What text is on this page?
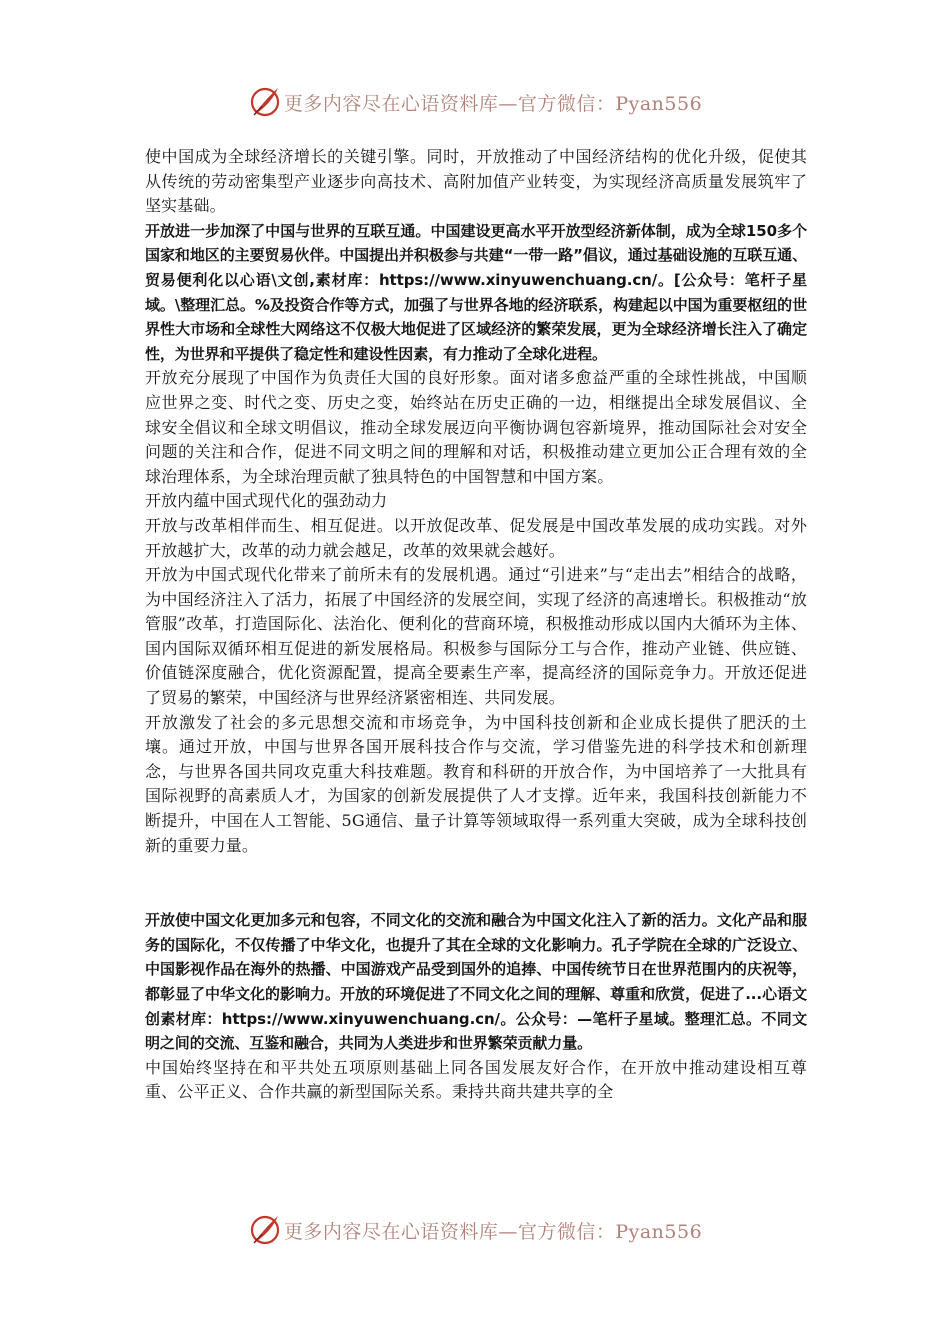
更多内容尽在心语资料库—官方微信：Pyan556

使中国成为全球经济增长的关键引擎。同时，开放推动了中国经济结构的优化升级，促使其从传统的劳动密集型产业逐步向高技术、高附加值产业转变，为实现经济高质量发展筑牢了坚实基础。

开放进一步加深了中国与世界的互联互通。中国建设更高水平开放型经济新体制，成为全球150多个国家和地区的主要贸易伙伴。中国提出并积极参与共建“一带一路”倡议，通过基础设施的互联互通、贸易便利化以心语\文创,素材库：https://www.xinyuwenchuang.cn/。[公众号：笔杆子星域。\整理汇总。%及投资合作等方式，加强了与世界各地的经济联系，构建起以中国为重要枢纽的世界性大市场和全球性大网络这不仅极大地促进了区域经济的繁荣发展，更为全球经济增长注入了确定性，为世界和平提供了稳定性和建设性因素，有力推动了全球化进程。

开放充分展现了中国作为负责任大国的良好形象。面对诸多愈益严重的全球性挑战，中国顺应世界之变、时代之变、历史之变，始终站在历史正确的一边，相继提出全球发展倡议、全球安全倡议和全球文明倡议，推动全球发展迈向平衡协调包容新境界，推动国际社会对安全问题的关注和合作，促进不同文明之间的理解和对话，积极推动建立更加公正合理有效的全球治理体系，为全球治理贡献了独具特色的中国智慧和中国方案。

开放内蕴中国式现代化的强劲动力

开放与改革相伴而生、相互促进。以开放促改革、促发展是中国改革发展的成功实践。对外开放越扩大，改革的动力就会越足，改革的效果就会越好。

开放为中国式现代化带来了前所未有的发展机遇。通过“引进来”与“走出去”相结合的战略，为中国经济注入了活力，拓展了中国经济的发展空间，实现了经济的高速增长。积极推动“放管服”改革，打造国际化、法治化、便利化的营商环境，积极推动形成以国内大循环为主体、国内国际双循环相互促进的新发展格局。积极参与国际分工与合作，推动产业链、供应链、价值链深度融合，优化资源配置，提高全要素生产率，提高经济的国际竞争力。开放还促进了贸易的繁荣，中国经济与世界经济紧密相连、共同发展。

开放激发了社会的多元思想交流和市场竞争，为中国科技创新和企业成长提供了肥沃的土壤。通过开放，中国与世界各国开展科技合作与交流，学习借鉴先进的科学技术和创新理念，与世界各国共同攻克重大科技难题。教育和科研的开放合作，为中国培养了一大批具有国际视野的高素质人才，为国家的创新发展提供了人才支撑。近年来，我国科技创新能力不断提升，中国在人工智能、5G通信、量子计算等领域取得一系列重大突破，成为全球科技创新的重要力量。

开放使中国文化更加多元和包容，不同文化的交流和融合为中国文化注入了新的活力。文化产品和服务的国际化，不仅传播了中华文化，也提升了其在全球的文化影响力。孔子学院在全球的广泛设立、中国影视作品在海外的热播、中国游戏产品受到国外的追捧、中国传统节日在世界范围内的庆祝等，都彰显了中华文化的影响力。开放的环境促进了不同文化之间的理解、尊重和欣赏，促进了...心语文创素材库：https://www.xinyuwenchuang.cn/。公众号：—笔杆子星域。整理汇总。不同文明之间的交流、互鉴和融合，共同为人类进步和世界繁荣贡献力量。

中国始终坚持在和平共处五项原则基础上同各国发展友好合作，在开放中推动建设相互尊重、公平正义、合作共赢的新型国际关系。秉持共商共建共享的全

更多内容尽在心语资料库—官方微信：Pyan556
